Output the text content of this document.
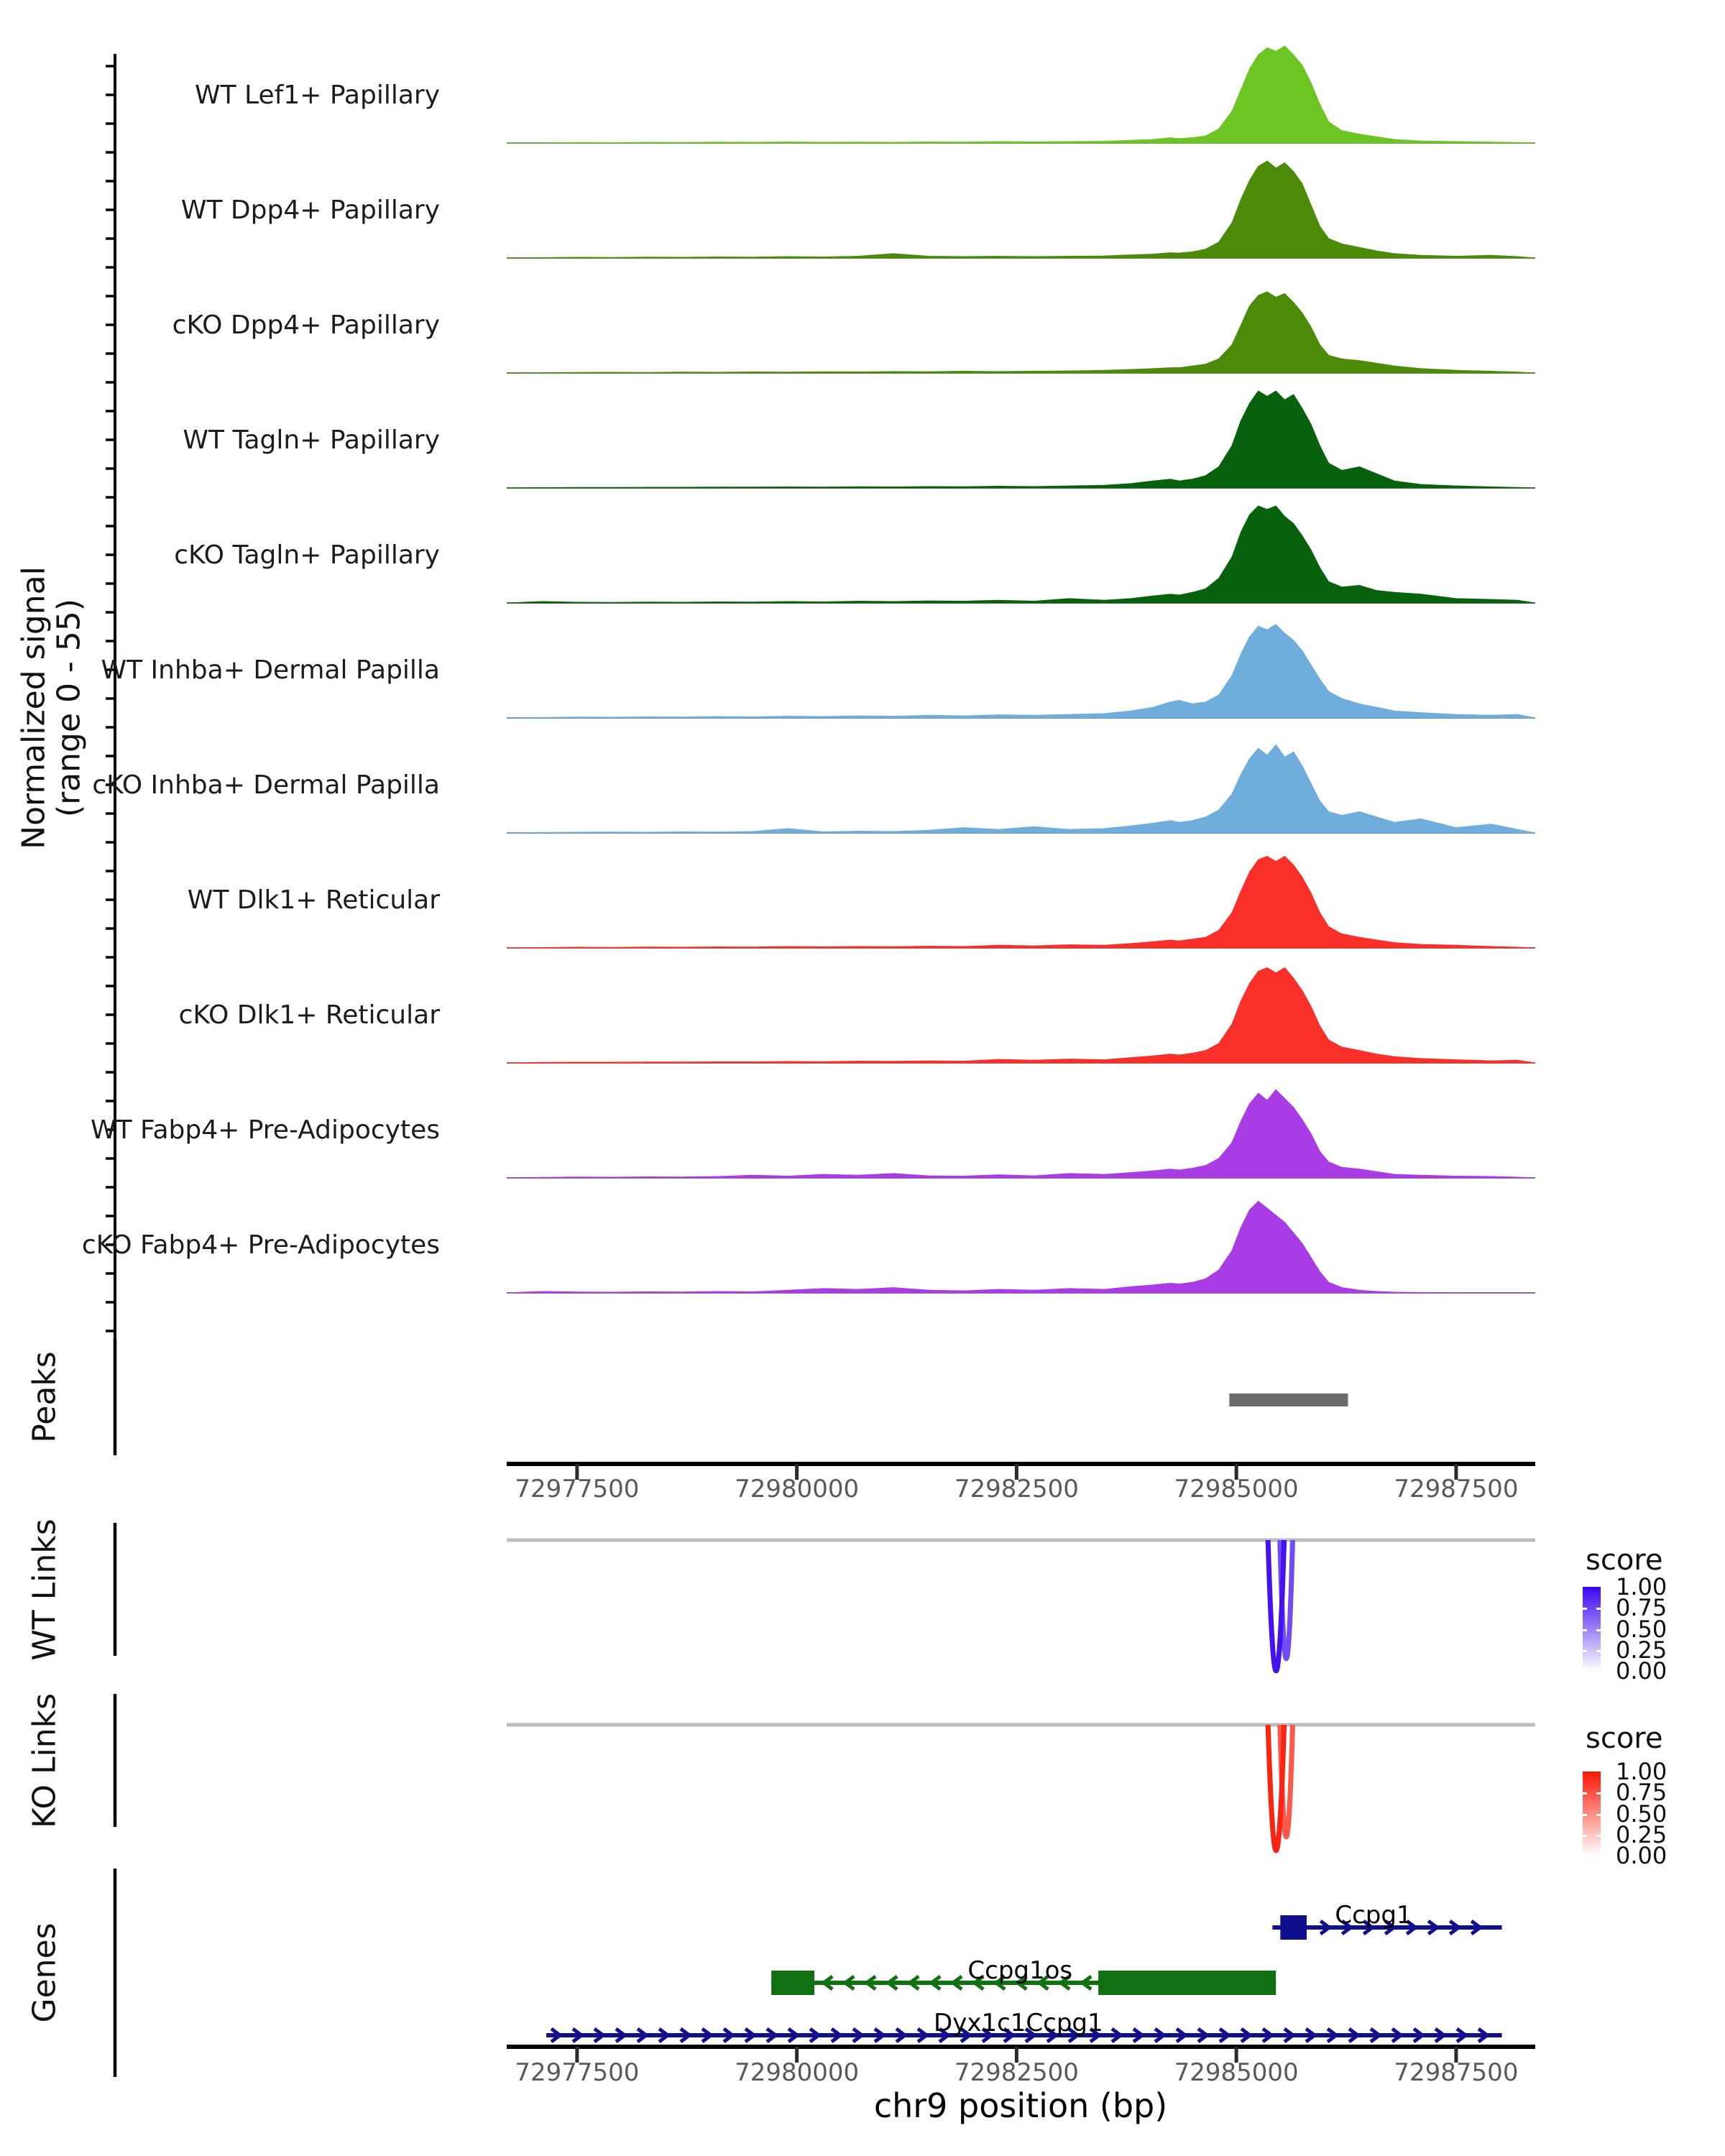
Normalized signal
(range 0 - 55)
Peaks
WT Links
KO Links
Genes
WT Lef1+ Papillary
WT Dpp4+ Papillary
cKO Dpp4+ Papillary
WT Tagln+ Papillary
cKO Tagln+ Papillary
WT Inhba+ Dermal Papilla
cKO Inhba+ Dermal Papilla
WT Dlk1+ Reticular
cKO Dlk1+ Reticular
WT Fabp4+ Pre-Adipocytes
cKO Fabp4+ Pre-Adipocytes
72977500	72980000	72982500	72985000	72987500
72977500	72980000	72982500	72985000	72987500
Ccpg1
Ccpg1os
Dyx1c1Ccpg1
score
1.00
0.75
0.50
0.25
0.00
score
1.00
0.75
0.50
0.25
0.00
chr9 position (bp)
